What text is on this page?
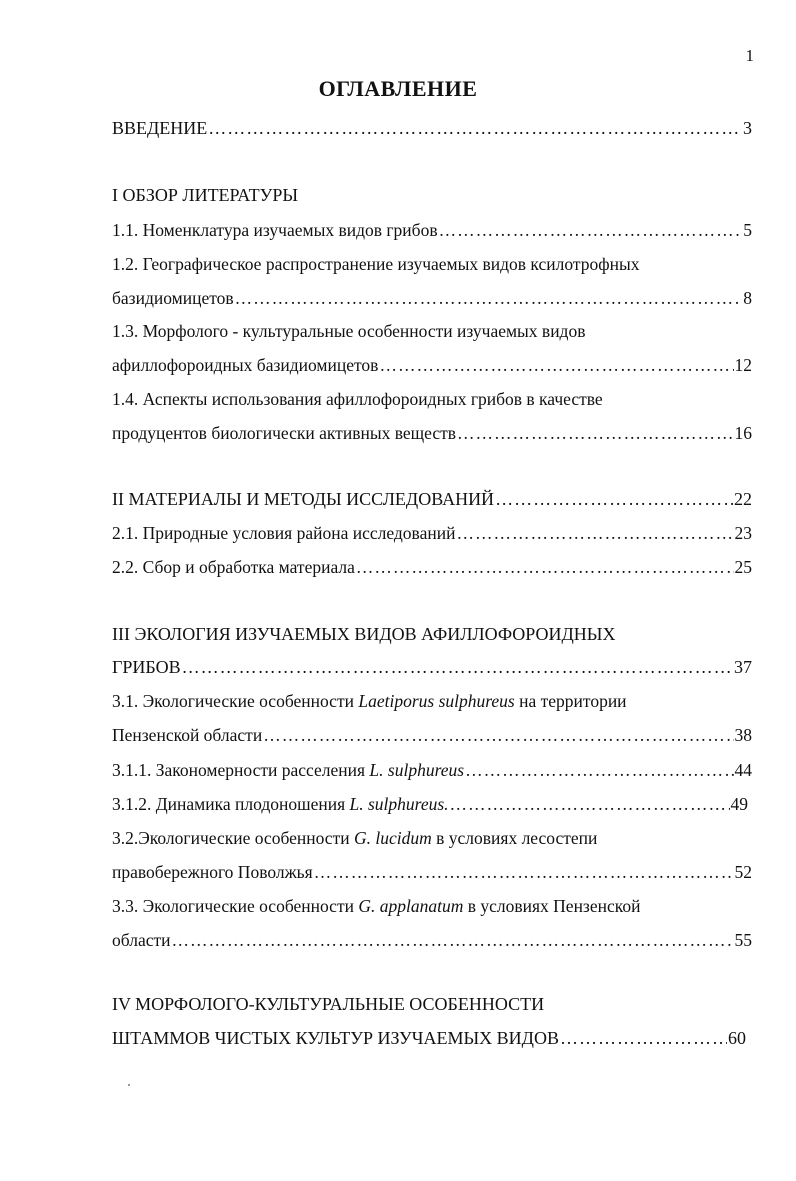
1
ОГЛАВЛЕНИЕ
ВВЕДЕНИЕ …………………………………………………………………………………………………………………………………………………………………………………………	3
I ОБЗОР ЛИТЕРАТУРЫ
1.1. Номенклатура изучаемых видов грибов …………………………………………………………………………………………………………………………………………………………………………………………	5
1.2. Географическое распространение изучаемых видов ксилотрофных
базидиомицетов …………………………………………………………………………………………………………………………………………………………………………………………	8
1.3. Морфолого - культуральные особенности изучаемых видов
афиллофороидных базидиомицетов …………………………………………………………………………………………………………………………………………………………………………………………	12
1.4. Аспекты использования афиллофороидных грибов в качестве
продуцентов биологически активных веществ …………………………………………………………………………………………………………………………………………………………………………………………	16
II МАТЕРИАЛЫ И МЕТОДЫ ИССЛЕДОВАНИЙ …………………………………………………………………………………………………………………………………………………………………………………………	22
2.1. Природные условия района исследований …………………………………………………………………………………………………………………………………………………………………………………………	23
2.2. Сбор и обработка материала …………………………………………………………………………………………………………………………………………………………………………………………	25
III ЭКОЛОГИЯ ИЗУЧАЕМЫХ ВИДОВ АФИЛЛОФОРОИДНЫХ
ГРИБОВ …………………………………………………………………………………………………………………………………………………………………………………………	37
3.1. Экологические особенности Laetiporus sulphureus на территории
Пензенской области …………………………………………………………………………………………………………………………………………………………………………………………	38
3.1.1. Закономерности расселения L. sulphureus …………………………………………………………………………………………………………………………………………………………………………………………	44
3.1.2. Динамика плодоношения L. sulphureus. …………………………………………………………………………………………………………………………………………………………………………………………	49
3.2.Экологические особенности G. lucidum в условиях лесостепи
правобережного Поволжья …………………………………………………………………………………………………………………………………………………………………………………………	52
3.3. Экологические особенности G. applanatum в условиях Пензенской
области …………………………………………………………………………………………………………………………………………………………………………………………	55
IV МОРФОЛОГО-КУЛЬТУРАЛЬНЫЕ ОСОБЕННОСТИ
ШТАММОВ ЧИСТЫХ КУЛЬТУР ИЗУЧАЕМЫХ ВИДОВ …………………………………………………………………………………………………………………………………………………………………………………………	60
